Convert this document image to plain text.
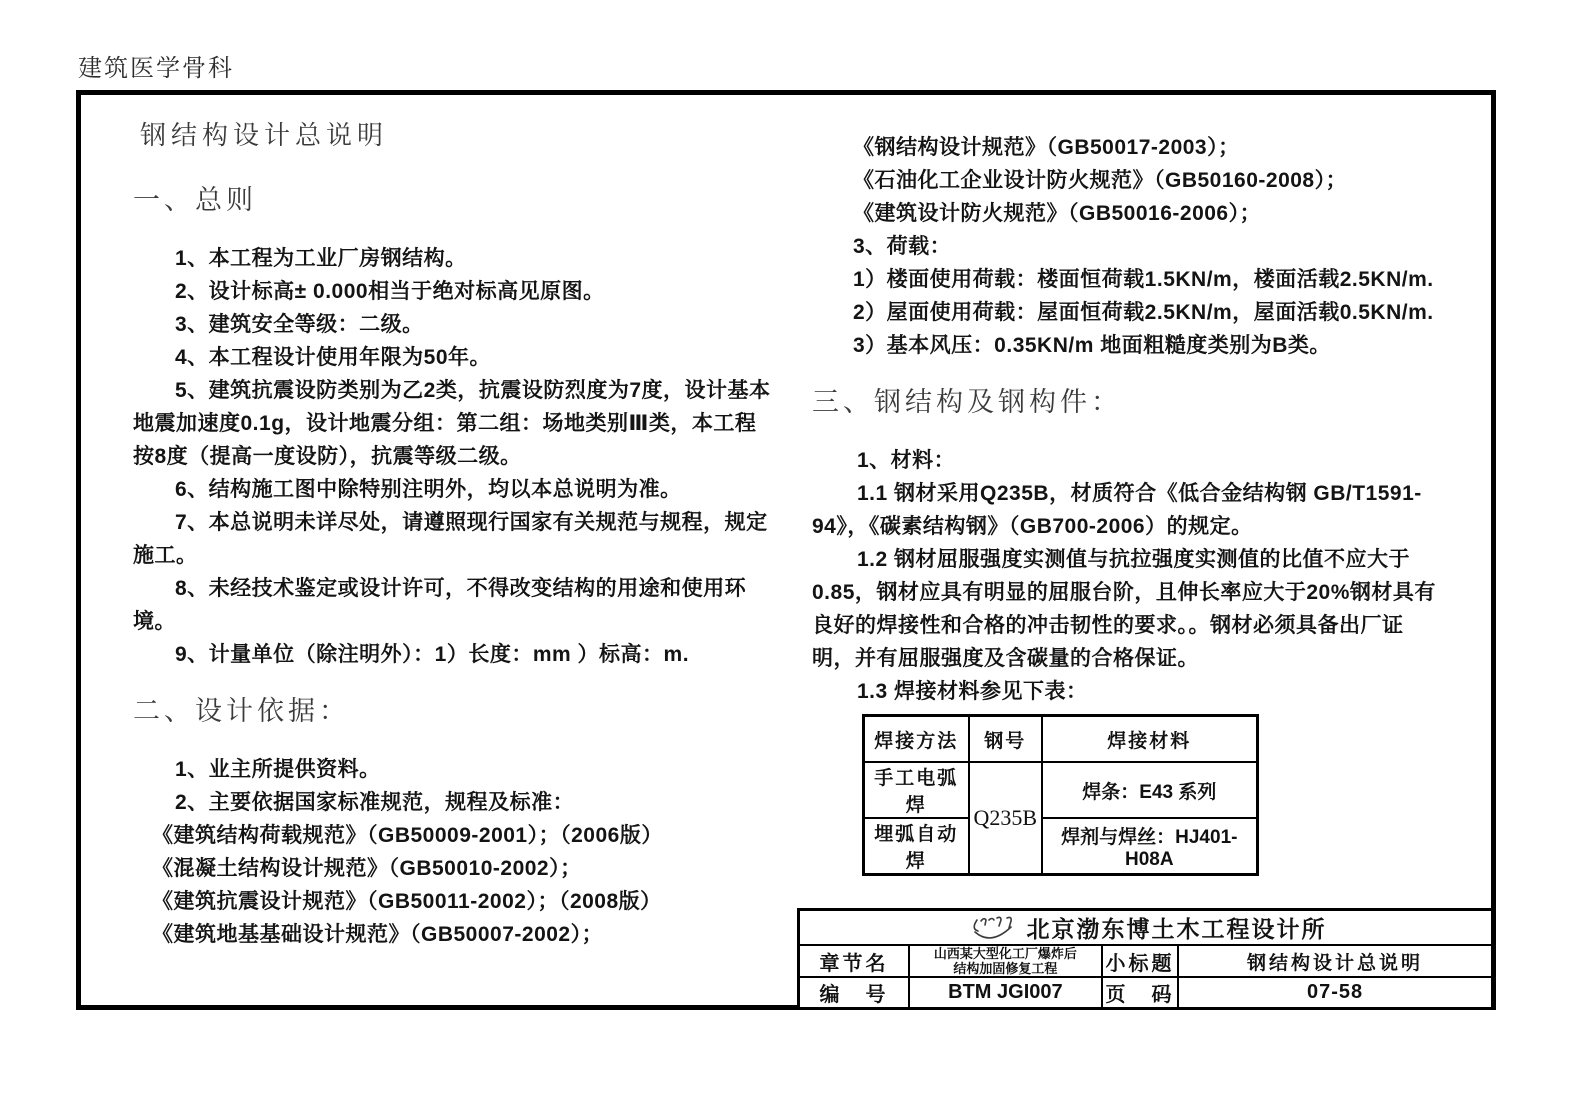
建筑医学骨科
钢结构设计总说明
一、总则
1、本工程为工业厂房钢结构。
2、设计标高± 0.000相当于绝对标高见原图。
3、建筑安全等级：二级。
4、本工程设计使用年限为50年。
5、建筑抗震设防类别为乙2类，抗震设防烈度为7度，设计基本
地震加速度0.1g，设计地震分组：第二组：场地类别Ⅲ类，本工程
按8度（提高一度设防），抗震等级二级。
6、结构施工图中除特别注明外，均以本总说明为准。
7、本总说明未详尽处，请遵照现行国家有关规范与规程，规定
施工。
8、未经技术鉴定或设计许可，不得改变结构的用途和使用环
境。
9、计量单位（除注明外）：1）长度：mm ）标高：m.
二、设计依据：
1、业主所提供资料。
2、主要依据国家标准规范，规程及标准：
《建筑结构荷载规范》（GB50009-2001）；（2006版）
《混凝土结构设计规范》（GB50010-2002）；
《建筑抗震设计规范》（GB50011-2002）；（2008版）
《建筑地基基础设计规范》（GB50007-2002）；
《钢结构设计规范》（GB50017-2003）；
《石油化工企业设计防火规范》（GB50160-2008）；
《建筑设计防火规范》（GB50016-2006）；
3、荷载：
1）楼面使用荷载：楼面恒荷载1.5KN/m，楼面活载2.5KN/m.
2）屋面使用荷载：屋面恒荷载2.5KN/m，屋面活载0.5KN/m.
3）基本风压：0.35KN/m 地面粗糙度类别为B类。
三、钢结构及钢构件：
1、材料：
1.1 钢材采用Q235B，材质符合《低合金结构钢 GB/T1591-
94》，《碳素结构钢》（GB700-2006）的规定。
1.2 钢材屈服强度实测值与抗拉强度实测值的比值不应大于
0.85，钢材应具有明显的屈服台阶，且伸长率应大于20%钢材具有
良好的焊接性和合格的冲击韧性的要求。。钢材必须具备出厂证
明，并有屈服强度及含碳量的合格保证。
1.3 焊接材料参见下表：
焊接方法	钢号	焊接材料
手工电弧焊	Q235B	焊条：E43 系列
埋弧自动焊		焊剂与焊丝：HJ401-H08A
北京渤东博土木工程设计所			

章节名	山西某大型化工厂爆炸后
结构加固修复工程	小标题	钢结构设计总说明
编　号	BTM JGI007	页　码	07-58
